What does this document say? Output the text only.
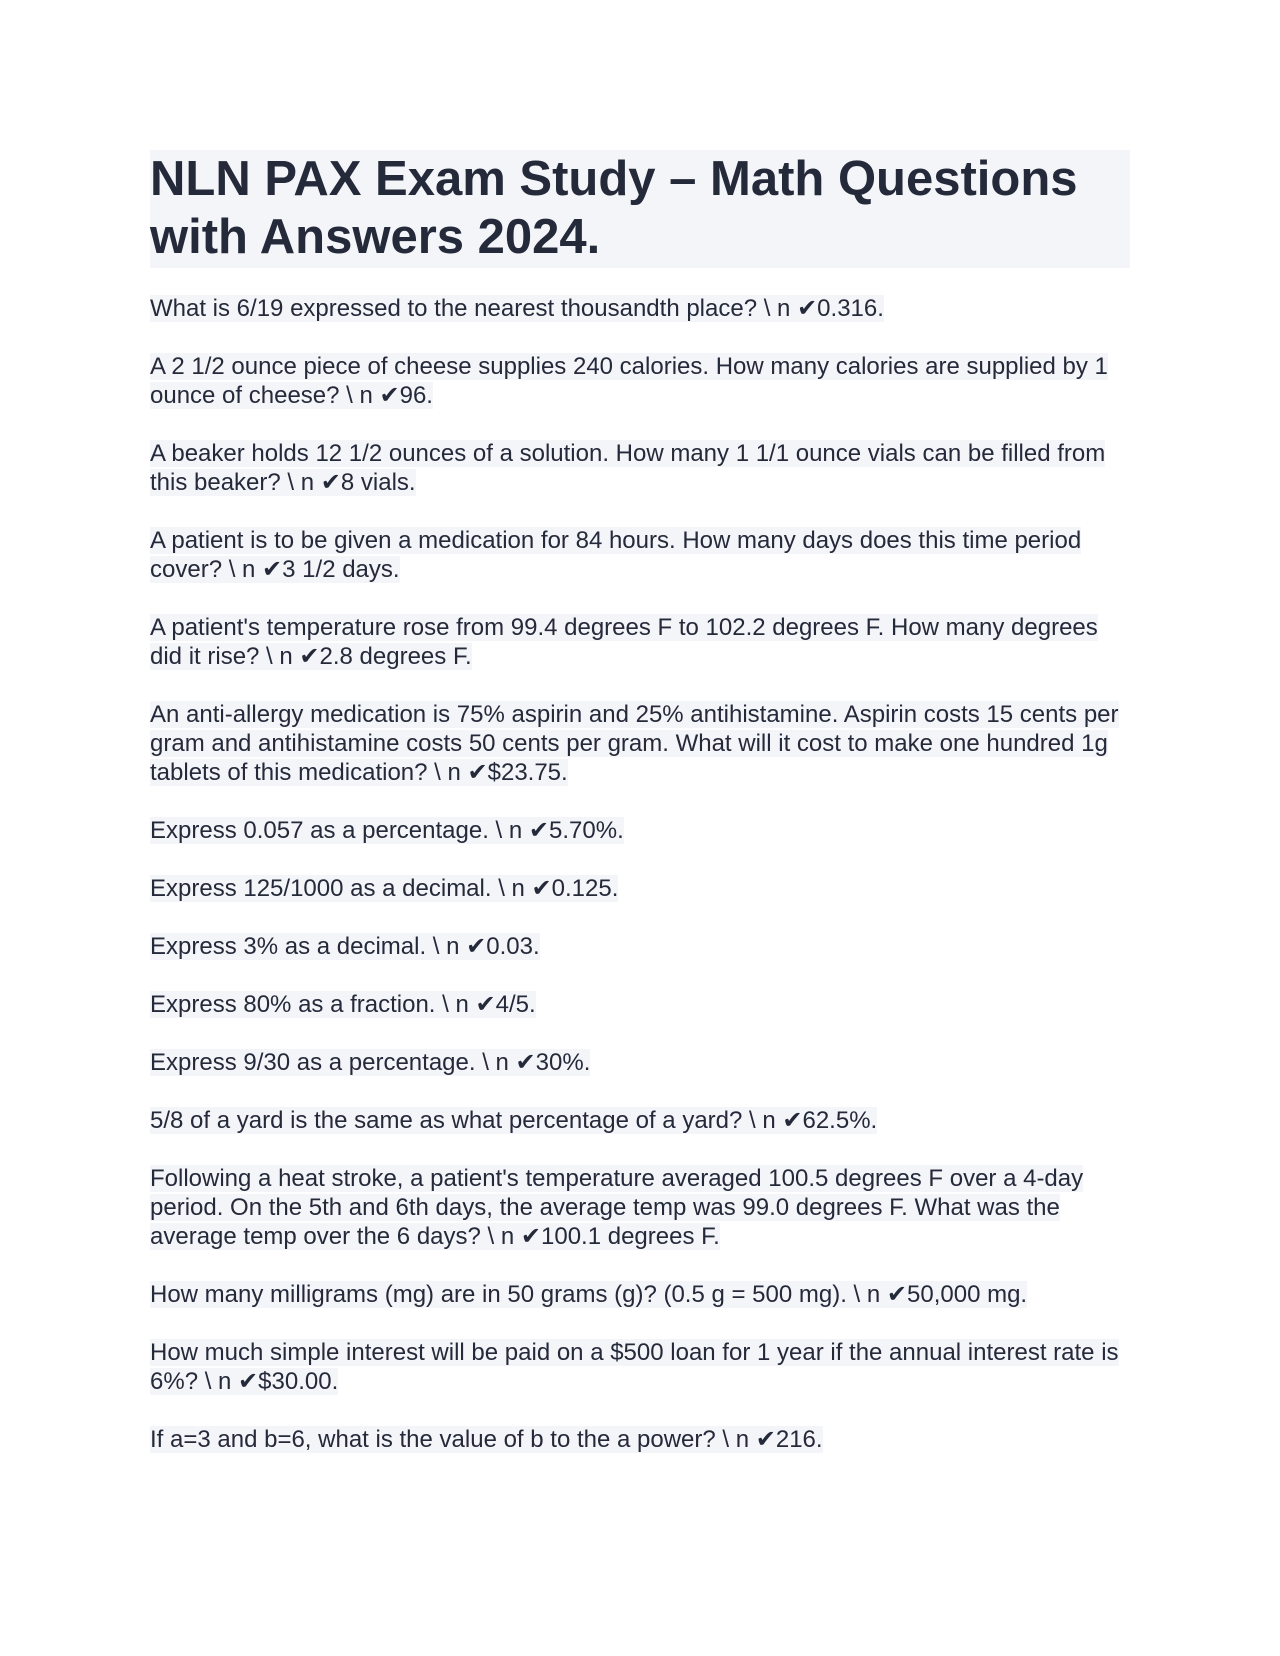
NLN PAX Exam Study – Math Questions with Answers 2024.
What is 6/19 expressed to the nearest thousandth place? \ n ✔0.316.
A 2 1/2 ounce piece of cheese supplies 240 calories. How many calories are supplied by 1 ounce of cheese? \ n ✔96.
A beaker holds 12 1/2 ounces of a solution. How many 1 1/1 ounce vials can be filled from this beaker? \ n ✔8 vials.
A patient is to be given a medication for 84 hours. How many days does this time period cover? \ n ✔3 1/2 days.
A patient's temperature rose from 99.4 degrees F to 102.2 degrees F. How many degrees did it rise? \ n ✔2.8 degrees F.
An anti-allergy medication is 75% aspirin and 25% antihistamine. Aspirin costs 15 cents per gram and antihistamine costs 50 cents per gram. What will it cost to make one hundred 1g tablets of this medication? \ n ✔$23.75.
Express 0.057 as a percentage. \ n ✔5.70%.
Express 125/1000 as a decimal. \ n ✔0.125.
Express 3% as a decimal. \ n ✔0.03.
Express 80% as a fraction. \ n ✔4/5.
Express 9/30 as a percentage. \ n ✔30%.
5/8 of a yard is the same as what percentage of a yard? \ n ✔62.5%.
Following a heat stroke, a patient's temperature averaged 100.5 degrees F over a 4-day period. On the 5th and 6th days, the average temp was 99.0 degrees F. What was the average temp over the 6 days? \ n ✔100.1 degrees F.
How many milligrams (mg) are in 50 grams (g)? (0.5 g = 500 mg). \ n ✔50,000 mg.
How much simple interest will be paid on a $500 loan for 1 year if the annual interest rate is 6%? \ n ✔$30.00.
If a=3 and b=6, what is the value of b to the a power? \ n ✔216.
